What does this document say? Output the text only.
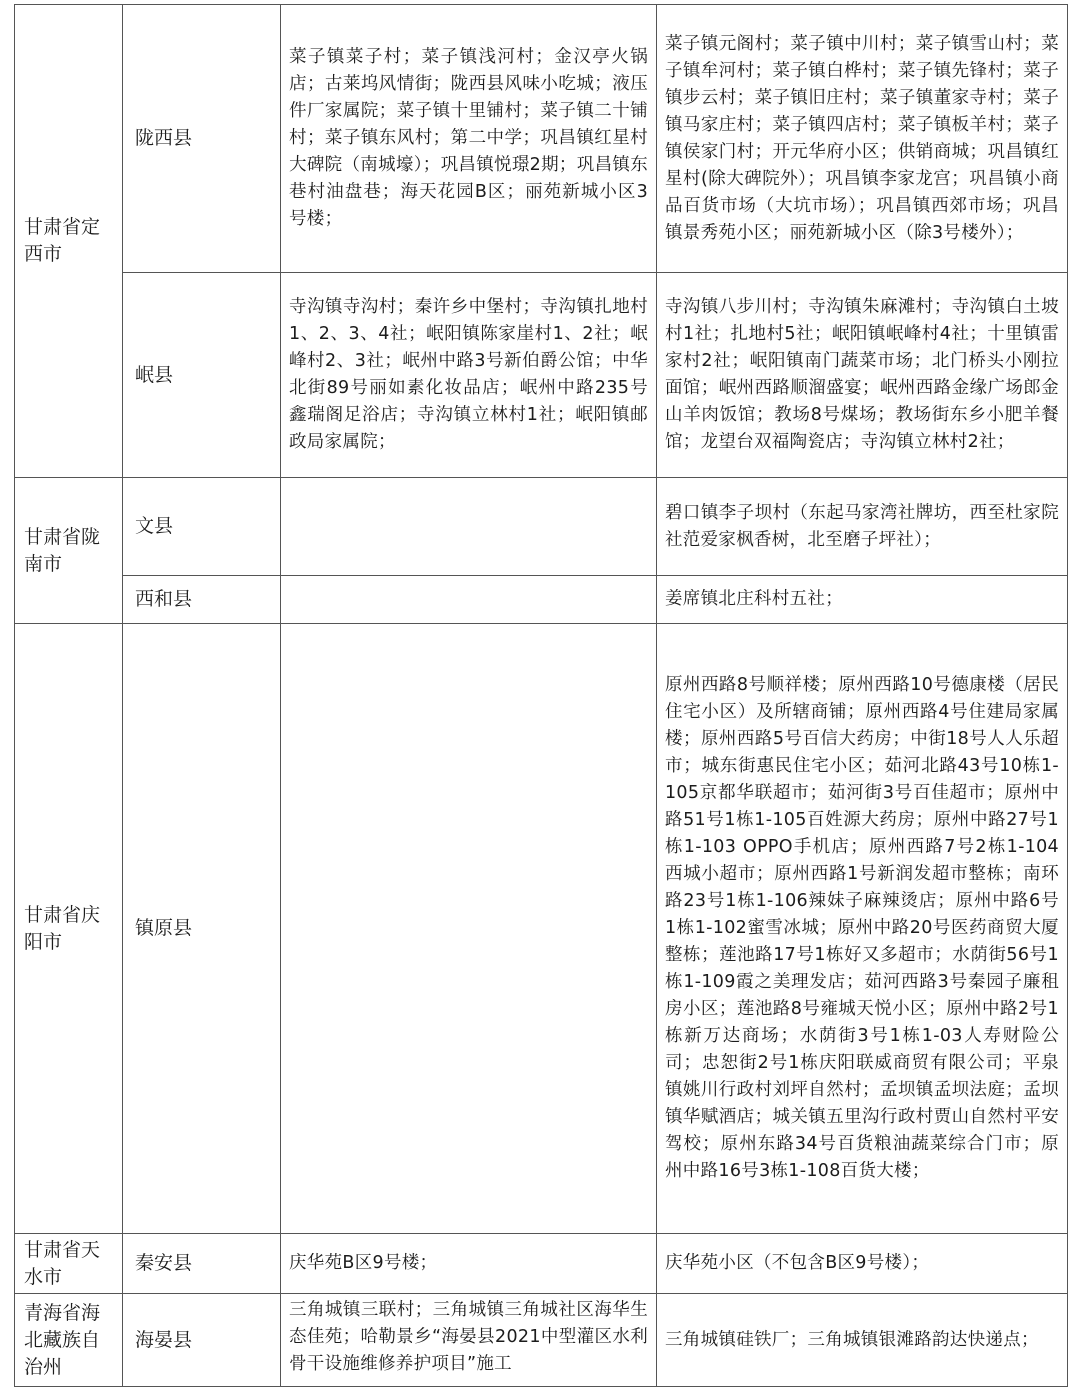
甘肃省定西市	陇西县	菜子镇菜子村；菜子镇浅河村；金汉亭火锅店；古莱坞风情街；陇西县风味小吃城；液压件厂家属院；菜子镇十里铺村；菜子镇二十铺村；菜子镇东风村；第二中学；巩昌镇红星村大碑院（南城壕）；巩昌镇悦璟2期；巩昌镇东巷村油盘巷；海天花园B区；丽苑新城小区3号楼；	菜子镇元阁村；菜子镇中川村；菜子镇雪山村；菜子镇牟河村；菜子镇白桦村；菜子镇先锋村；菜子镇步云村；菜子镇旧庄村；菜子镇董家寺村；菜子镇马家庄村；菜子镇四店村；菜子镇板羊村；菜子镇侯家门村；开元华府小区；供销商城；巩昌镇红星村(除大碑院外）；巩昌镇李家龙宫；巩昌镇小商品百货市场（大坑市场）；巩昌镇西郊市场；巩昌镇景秀苑小区；丽苑新城小区（除3号楼外）；
	岷县	寺沟镇寺沟村；秦许乡中堡村；寺沟镇扎地村1、2、3、4社；岷阳镇陈家崖村1、2社；岷峰村2、3社；岷州中路3号新伯爵公馆；中华北街89号丽如素化妆品店；岷州中路235号鑫瑞阁足浴店；寺沟镇立林村1社；岷阳镇邮政局家属院；	寺沟镇八步川村；寺沟镇朱麻滩村；寺沟镇白土坡村1社；扎地村5社；岷阳镇岷峰村4社；十里镇雷家村2社；岷阳镇南门蔬菜市场；北门桥头小刚拉面馆；岷州西路顺溜盛宴；岷州西路金缘广场郎金山羊肉饭馆；教场8号煤场；教场街东乡小肥羊餐馆；龙望台双福陶瓷店；寺沟镇立林村2社；
甘肃省陇南市	文县		碧口镇李子坝村（东起马家湾社牌坊，西至杜家院社范爱家枫香树，北至磨子坪社）；
	西和县		姜席镇北庄科村五社；
甘肃省庆阳市	镇原县		原州西路8号顺祥楼；原州西路10号德康楼（居民住宅小区）及所辖商铺；原州西路4号住建局家属楼；原州西路5号百信大药房；中街18号人人乐超市；城东街惠民住宅小区；茹河北路43号10栋1-105京都华联超市；茹河街3号百佳超市；原州中路51号1栋1-105百姓源大药房；原州中路27号1栋1-103 OPPO手机店；原州西路7号2栋1-104西城小超市；原州西路1号新润发超市整栋；南环路23号1栋1-106辣妹子麻辣烫店；原州中路6号1栋1-102蜜雪冰城；原州中路20号医药商贸大厦整栋；莲池路17号1栋好又多超市；水荫街56号1栋1-109霞之美理发店；茹河西路3号秦园子廉租房小区；莲池路8号雍城天悦小区；原州中路2号1栋新万达商场；水荫街3号1栋1-03人寿财险公司；忠恕街2号1栋庆阳联威商贸有限公司；平泉镇姚川行政村刘坪自然村；孟坝镇孟坝法庭；孟坝镇华赋酒店；城关镇五里沟行政村贾山自然村平安驾校；原州东路34号百货粮油蔬菜综合门市；原州中路16号3栋1-108百货大楼；
甘肃省天水市	秦安县	庆华苑B区9号楼；	庆华苑小区（不包含B区9号楼）；
青海省海北藏族自治州	海晏县	三角城镇三联村；三角城镇三角城社区海华生态佳苑；哈勒景乡“海晏县2021中型灌区水利骨干设施维修养护项目”施工	三角城镇硅铁厂；三角城镇银滩路韵达快递点；
